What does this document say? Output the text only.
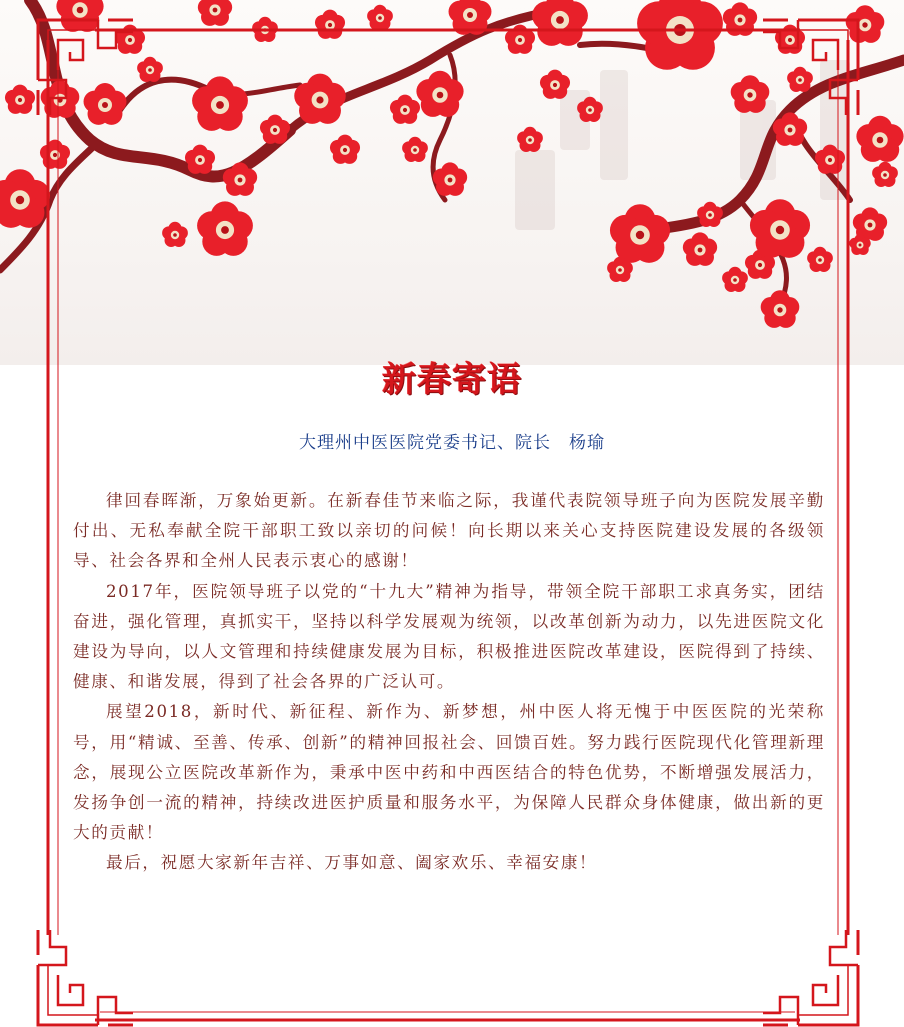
新春寄语
大理州中医医院党委书记、院长　杨瑜

律回春晖渐，万象始更新。在新春佳节来临之际，我谨代表院领导班子向为医院发展辛勤付出、无私奉献全院干部职工致以亲切的问候！向长期以来关心支持医院建设发展的各级领导、社会各界和全州人民表示衷心的感谢！

2017年，医院领导班子以党的“十九大”精神为指导，带领全院干部职工求真务实，团结奋进，强化管理，真抓实干，坚持以科学发展观为统领，以改革创新为动力，以先进医院文化建设为导向，以人文管理和持续健康发展为目标，积极推进医院改革建设，医院得到了持续、健康、和谐发展，得到了社会各界的广泛认可。

展望2018，新时代、新征程、新作为、新梦想，州中医人将无愧于中医医院的光荣称号，用“精诚、至善、传承、创新”的精神回报社会、回馈百姓。努力践行医院现代化管理新理念，展现公立医院改革新作为，秉承中医中药和中西医结合的特色优势，不断增强发展活力，发扬争创一流的精神，持续改进医护质量和服务水平，为保障人民群众身体健康，做出新的更大的贡献！

最后，祝愿大家新年吉祥、万事如意、阖家欢乐、幸福安康！
